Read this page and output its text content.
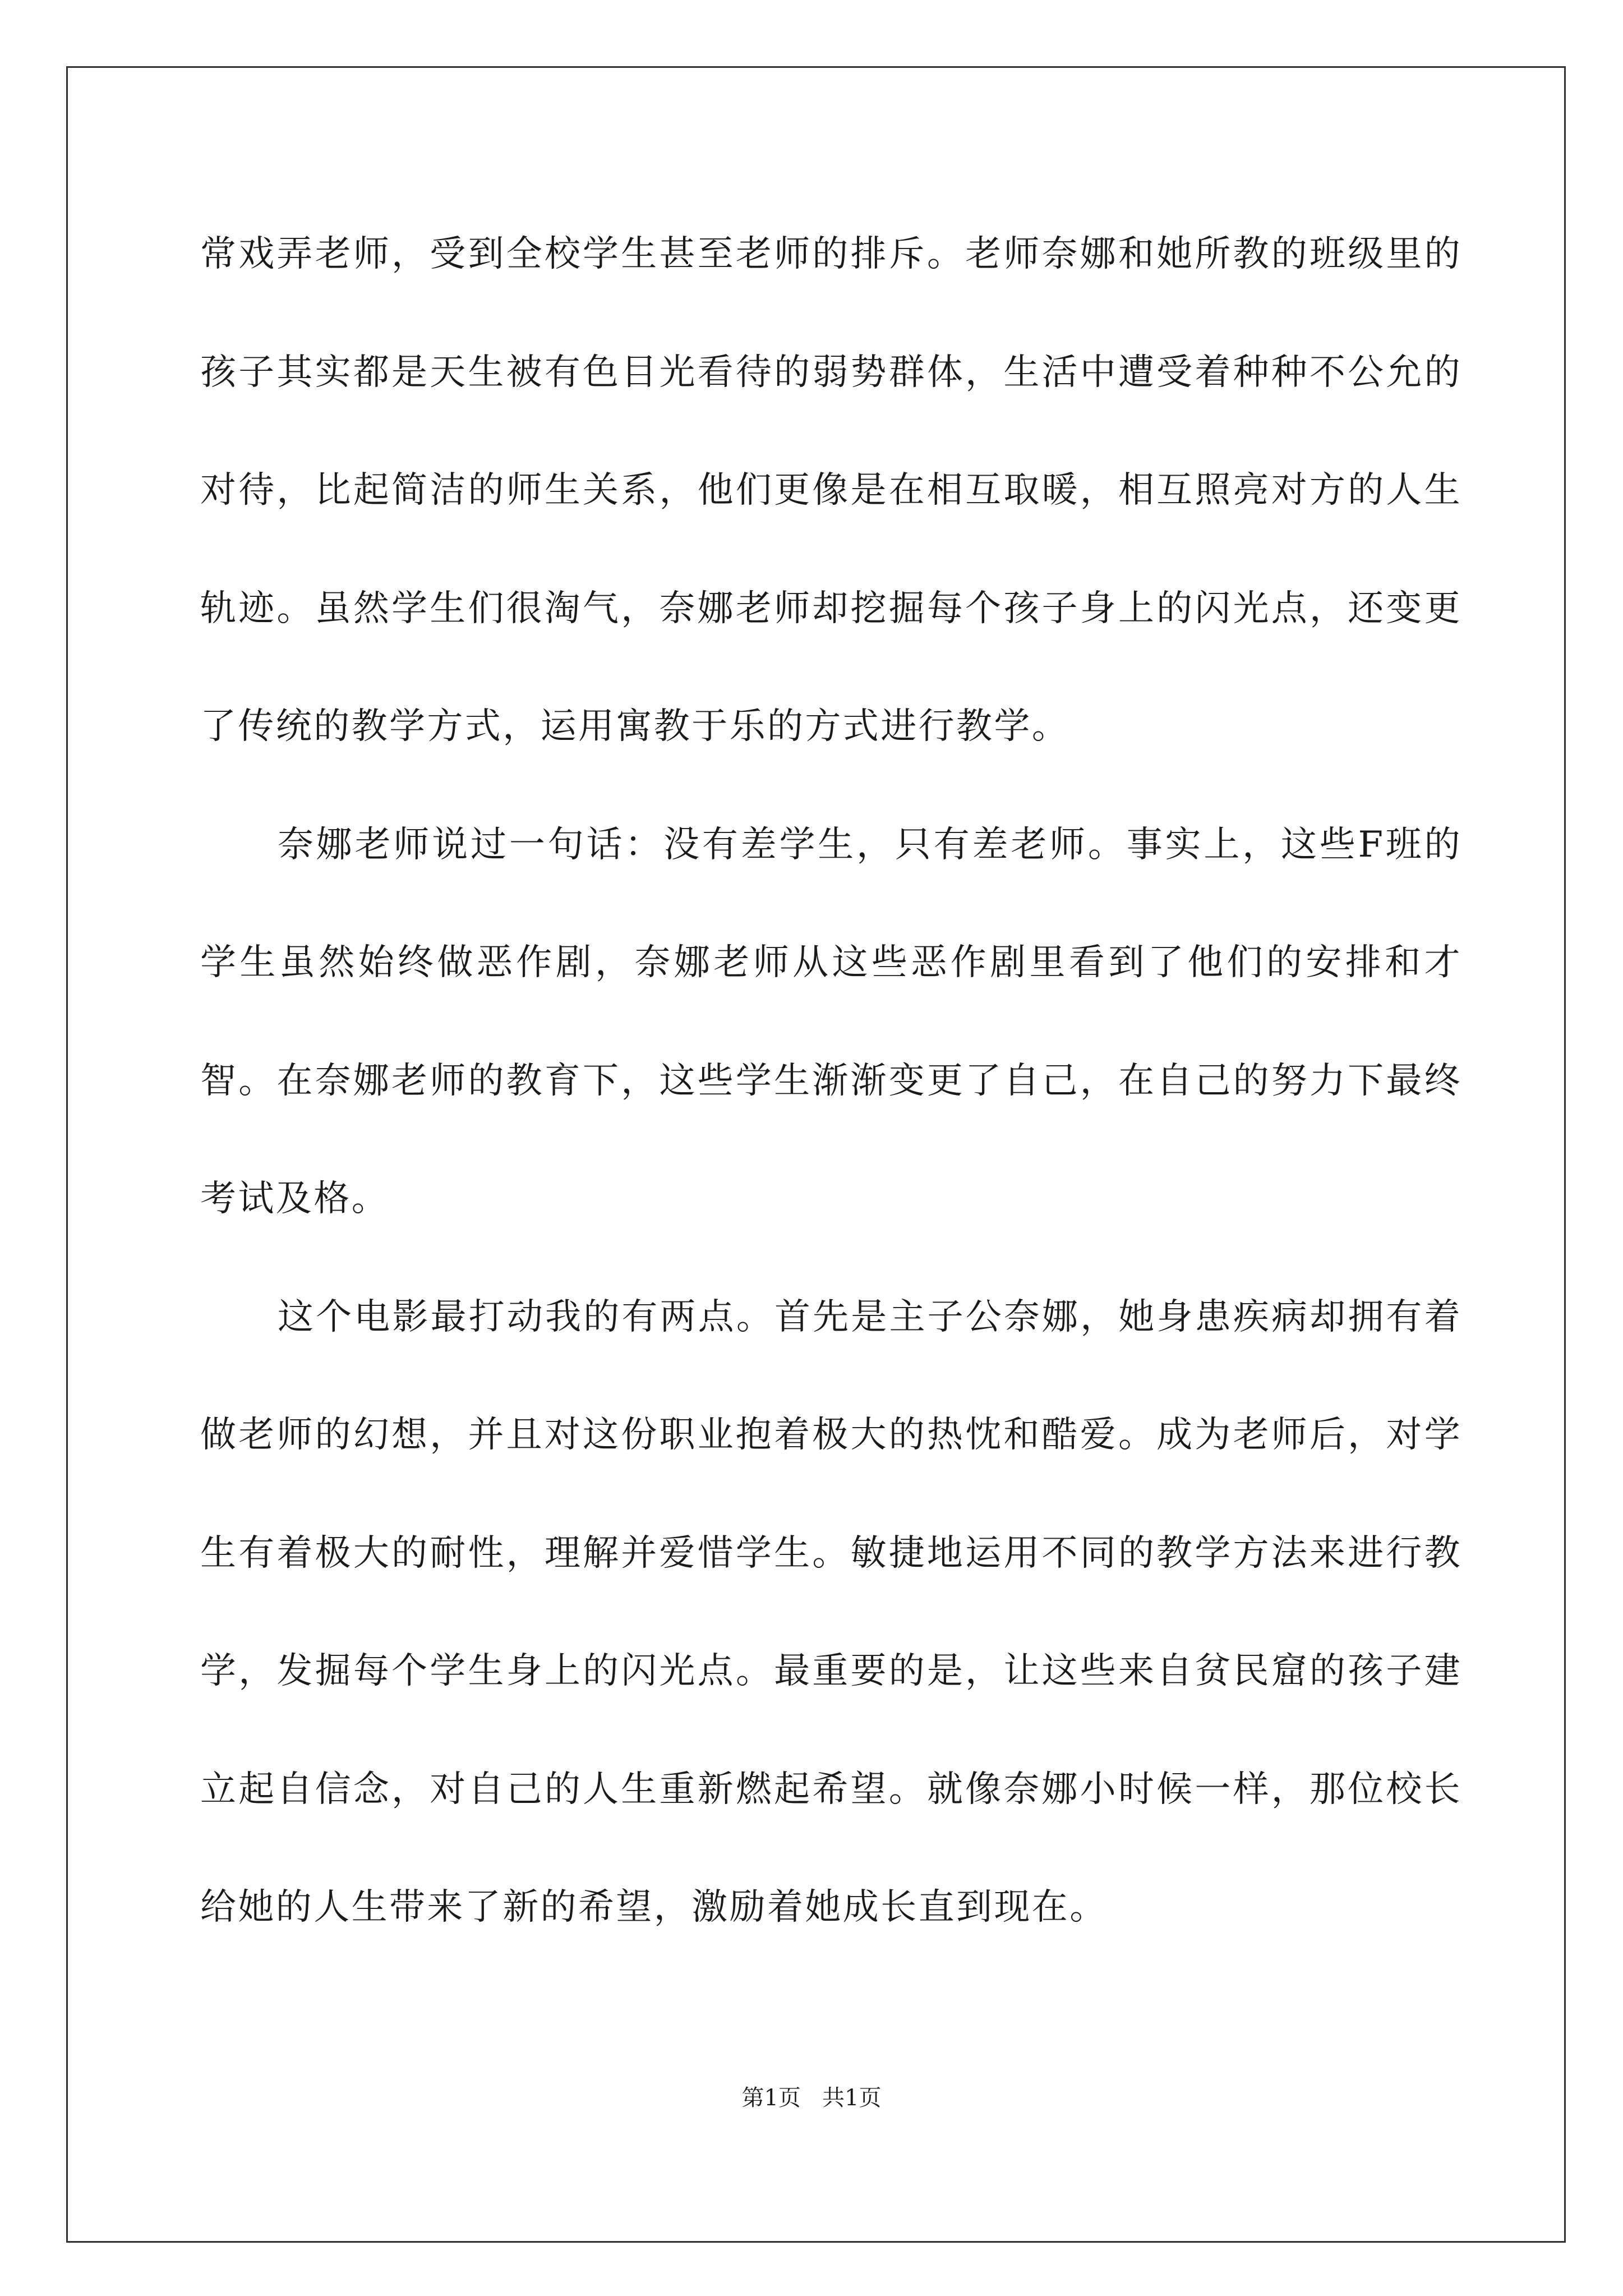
常戏弄老师，受到全校学生甚至老师的排斥。老师奈娜和她所教的班级里的孩子其实都是天生被有色目光看待的弱势群体，生活中遭受着种种不公允的对待，比起简洁的师生关系，他们更像是在相互取暖，相互照亮对方的人生轨迹。虽然学生们很淘气，奈娜老师却挖掘每个孩子身上的闪光点，还变更了传统的教学方式，运用寓教于乐的方式进行教学。

奈娜老师说过一句话：没有差学生，只有差老师。事实上，这些F班的学生虽然始终做恶作剧，奈娜老师从这些恶作剧里看到了他们的安排和才智。在奈娜老师的教育下，这些学生渐渐变更了自己，在自己的努力下最终考试及格。

这个电影最打动我的有两点。首先是主子公奈娜，她身患疾病却拥有着做老师的幻想，并且对这份职业抱着极大的热忱和酷爱。成为老师后，对学生有着极大的耐性，理解并爱惜学生。敏捷地运用不同的教学方法来进行教学，发掘每个学生身上的闪光点。最重要的是，让这些来自贫民窟的孩子建立起自信念，对自己的人生重新燃起希望。就像奈娜小时候一样，那位校长给她的人生带来了新的希望，激励着她成长直到现在。

第1页   共1页
